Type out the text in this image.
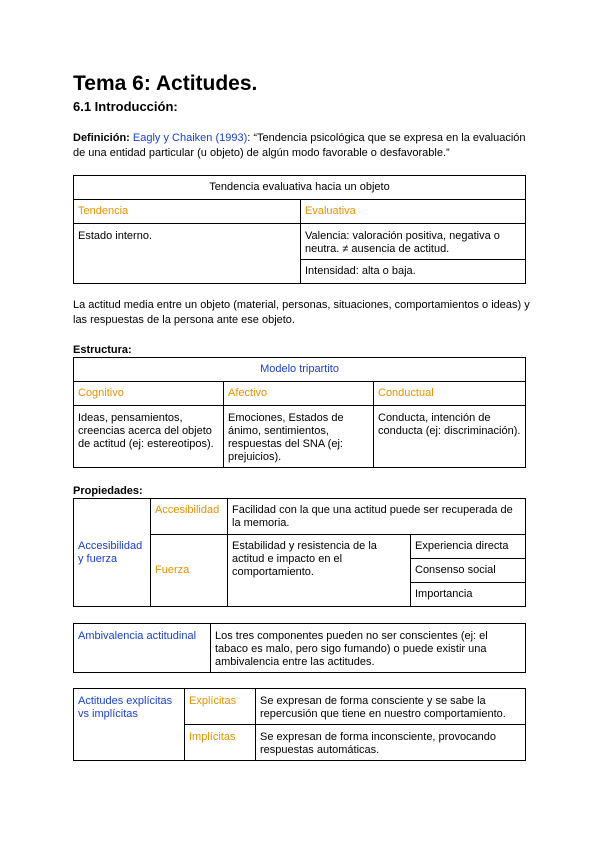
Tema 6: Actitudes.
6.1 Introducción:
Definición: Eagly y Chaiken (1993): “Tendencia psicológica que se expresa en la evaluación de una entidad particular (u objeto) de algún modo favorable o desfavorable.”
Tendencia evaluativa hacia un objeto	
Tendencia	Evaluativa
Estado interno.	Valencia: valoración positiva, negativa o neutra. ≠ ausencia de actitud.
	Intensidad: alta o baja.
La actitud media entre un objeto (material, personas, situaciones, comportamientos o ideas) y las respuestas de la persona ante ese objeto.
Estructura:
Modelo tripartito		
Cognitivo	Afectivo	Conductual
Ideas, pensamientos, creencias acerca del objeto de actitud (ej: estereotipos).	Emociones, Estados de ánimo, sentimientos, respuestas del SNA (ej: prejuicios).	Conducta, intención de conducta (ej: discriminación).
Propiedades:
Accesibilidad y fuerza	Accesibilidad	Facilidad con la que una actitud puede ser recuperada de la memoria.	
	Fuerza	Estabilidad y resistencia de la actitud e impacto en el comportamiento.	Experiencia directa
			Consenso social
			Importancia
Ambivalencia actitudinal	Los tres componentes pueden no ser conscientes (ej: el tabaco es malo, pero sigo fumando) o puede existir una ambivalencia entre las actitudes.
Actitudes explícitas vs implícitas	Explícitas	Se expresan de forma consciente y se sabe la repercusión que tiene en nuestro comportamiento.
	Implícitas	Se expresan de forma inconsciente, provocando respuestas automáticas.
